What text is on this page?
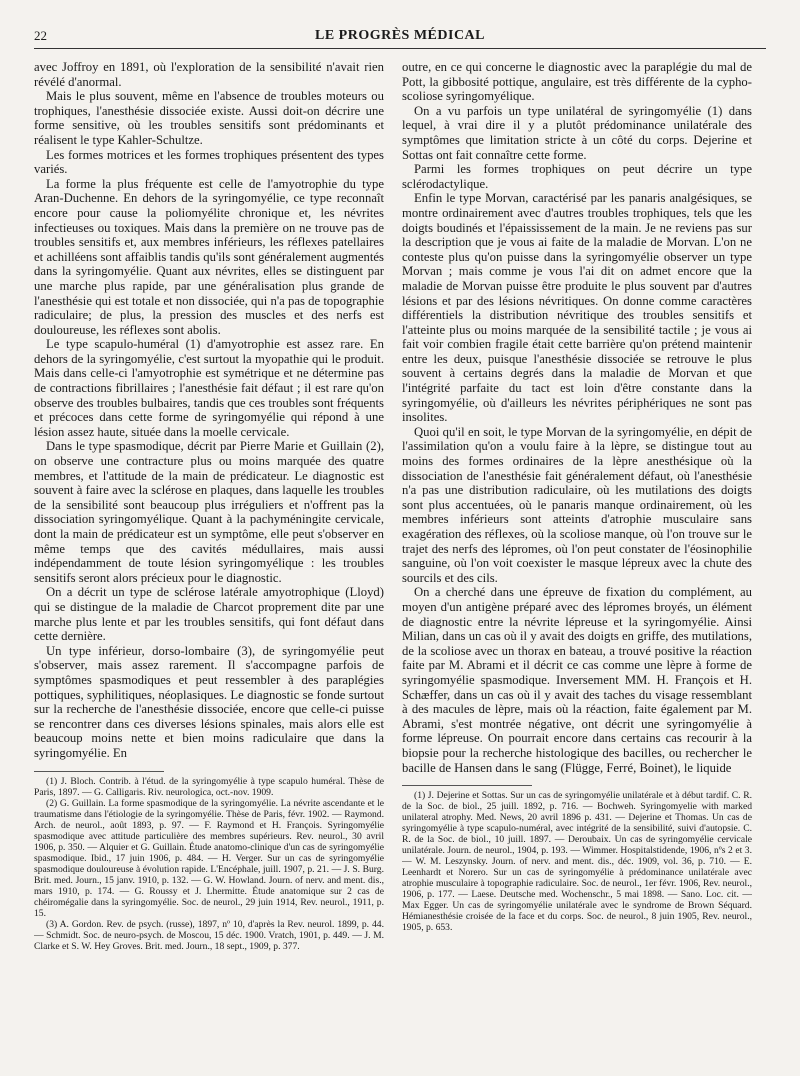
22	LE PROGRÈS MÉDICAL

avec Joffroy en 1891, où l'exploration de la sensibilité n'avait rien révélé d'anormal.

Mais le plus souvent, même en l'absence de troubles moteurs ou trophiques, l'anesthésie dissociée existe. Aussi doit-on décrire une forme sensitive, où les troubles sensitifs sont prédominants et réalisent le type Kahler-Schultze.

Les formes motrices et les formes trophiques présentent des types variés.

La forme la plus fréquente est celle de l'amyotrophie du type Aran-Duchenne. En dehors de la syringomyélie, ce type reconnaît encore pour cause la poliomyélite chronique et, les névrites infectieuses ou toxiques. Mais dans la première on ne trouve pas de troubles sensitifs et, aux membres inférieurs, les réflexes patellaires et achilléens sont affaiblis tandis qu'ils sont généralement augmentés dans la syringomyélie. Quant aux névrites, elles se distinguent par une marche plus rapide, par une généralisation plus grande de l'anesthésie qui est totale et non dissociée, qui n'a pas de topographie radiculaire; de plus, la pression des muscles et des nerfs est douloureuse, les réflexes sont abolis.

Le type scapulo-huméral (1) d'amyotrophie est assez rare. En dehors de la syringomyélie, c'est surtout la myopathie qui le produit. Mais dans celle-ci l'amyotrophie est symétrique et ne détermine pas de contractions fibrillaires ; l'anesthésie fait défaut ; il est rare qu'on observe des troubles bulbaires, tandis que ces troubles sont fréquents et précoces dans cette forme de syringomyélie qui répond à une lésion assez haute, située dans la moelle cervicale.

Dans le type spasmodique, décrit par Pierre Marie et Guillain (2), on observe une contracture plus ou moins marquée des quatre membres, et l'attitude de la main de prédicateur. Le diagnostic est souvent à faire avec la sclérose en plaques, dans laquelle les troubles de la sensibilité sont beaucoup plus irréguliers et n'offrent pas la dissociation syringomyélique. Quant à la pachyméningite cervicale, dont la main de prédicateur est un symptôme, elle peut s'observer en même temps que des cavités médullaires, mais aussi indépendamment de toute lésion syringomyélique : les troubles sensitifs seront alors précieux pour le diagnostic.

On a décrit un type de sclérose latérale amyotrophique (Lloyd) qui se distingue de la maladie de Charcot proprement dite par une marche plus lente et par les troubles sensitifs, qui font défaut dans cette dernière.

Un type inférieur, dorso-lombaire (3), de syringomyélie peut s'observer, mais assez rarement. Il s'accompagne parfois de symptômes spasmodiques et peut ressembler à des paraplégies pottiques, syphilitiques, néoplasiques. Le diagnostic se fonde surtout sur la recherche de l'anesthésie dissociée, encore que celle-ci puisse se rencontrer dans ces diverses lésions spinales, mais alors elle est beaucoup moins nette et bien moins radiculaire que dans la syringomyélie. En

(1) J. Bloch. Contrib. à l'étud. de la syringomyélie à type scapulo huméral. Thèse de Paris, 1897. — G. Calligaris. Riv. neurologica, oct.-nov. 1909.

(2) G. Guillain. La forme spasmodique de la syringomyélie. La névrite ascendante et le traumatisme dans l'étiologie de la syringomyélie. Thèse de Paris, févr. 1902. — Raymond. Arch. de neurol., août 1893, p. 97. — F. Raymond et H. François. Syringomyélie spasmodique avec attitude particulière des membres supérieurs. Rev. neurol., 30 avril 1906, p. 350. — Alquier et G. Guillain. Étude anatomo-clinique d'un cas de syringomyélie spasmodique. Ibid., 17 juin 1906, p. 484. — H. Verger. Sur un cas de syringomyélie spasmodique douloureuse à évolution rapide. L'Encéphale, juill. 1907, p. 21. — J. S. Burg. Brit. med. Journ., 15 janv. 1910, p. 132. — G. W. Howland. Journ. of nerv. and ment. dis., mars 1910, p. 174. — G. Roussy et J. Lhermitte. Étude anatomique sur 2 cas de chéiromégalie dans la syringomyélie. Soc. de neurol., 29 juin 1914, Rev. neurol., 1911, p. 15.

(3) A. Gordon. Rev. de psych. (russe), 1897, nº 10, d'après la Rev. neurol. 1899, p. 44. — Schmidt. Soc. de neuro-psych. de Moscou, 15 déc. 1900. Vratch, 1901, p. 449. — J. M. Clarke et S. W. Hey Groves. Brit. med. Journ., 18 sept., 1909, p. 377.

outre, en ce qui concerne le diagnostic avec la paraplégie du mal de Pott, la gibbosité pottique, angulaire, est très différente de la cypho-scoliose syringomyélique.

On a vu parfois un type unilatéral de syringomyélie (1) dans lequel, à vrai dire il y a plutôt prédominance unilatérale des symptômes que limitation stricte à un côté du corps. Dejerine et Sottas ont fait connaître cette forme.

Parmi les formes trophiques on peut décrire un type sclérodactylique.

Enfin le type Morvan, caractérisé par les panaris analgésiques, se montre ordinairement avec d'autres troubles trophiques, tels que les doigts boudinés et l'épaississement de la main. Je ne reviens pas sur la description que je vous ai faite de la maladie de Morvan. L'on ne conteste plus qu'on puisse dans la syringomyélie observer un type Morvan ; mais comme je vous l'ai dit on admet encore que la maladie de Morvan puisse être produite le plus souvent par d'autres lésions et par des lésions névritiques. On donne comme caractères différentiels la distribution névritique des troubles sensitifs et l'atteinte plus ou moins marquée de la sensibilité tactile ; je vous ai fait voir combien fragile était cette barrière qu'on prétend maintenir entre les deux, puisque l'anesthésie dissociée se retrouve le plus souvent à certains degrés dans la maladie de Morvan et que l'intégrité parfaite du tact est loin d'être constante dans la syringomyélie, où d'ailleurs les névrites périphériques ne sont pas insolites.

Quoi qu'il en soit, le type Morvan de la syringomyélie, en dépit de l'assimilation qu'on a voulu faire à la lèpre, se distingue tout au moins des formes ordinaires de la lèpre anesthésique où la dissociation de l'anesthésie fait généralement défaut, où l'anesthésie n'a pas une distribution radiculaire, où les mutilations des doigts sont plus accentuées, où le panaris manque ordinairement, où les membres inférieurs sont atteints d'atrophie musculaire sans exagération des réflexes, où la scoliose manque, où l'on trouve sur le trajet des nerfs des lépromes, où l'on peut constater de l'éosinophilie sanguine, où l'on voit coexister le masque lépreux avec la chute des sourcils et des cils.

On a cherché dans une épreuve de fixation du complément, au moyen d'un antigène préparé avec des lépromes broyés, un élément de diagnostic entre la névrite lépreuse et la syringomyélie. Ainsi Milian, dans un cas où il y avait des doigts en griffe, des mutilations, de la scoliose avec un thorax en bateau, a trouvé positive la réaction faite par M. Abrami et il décrit ce cas comme une lèpre à forme de syringomyélie spasmodique. Inversement MM. H. François et H. Schæffer, dans un cas où il y avait des taches du visage ressemblant à des macules de lèpre, mais où la réaction, faite également par M. Abrami, s'est montrée négative, ont décrit une syringomyélie à forme lépreuse. On pourrait encore dans certains cas recourir à la biopsie pour la recherche histologique des bacilles, ou rechercher le bacille de Hansen dans le sang (Flügge, Ferré, Boinet), le liquide

(1) J. Dejerine et Sottas. Sur un cas de syringomyélie unilatérale et à début tardif. C. R. de la Soc. de biol., 25 juill. 1892, p. 716. — Bochweh. Syringomyelie with marked unilateral atrophy. Med. News, 20 avril 1896 p. 431. — Dejerine et Thomas. Un cas de syringomyélie à type scapulo-numéral, avec intégrité de la sensibilité, suivi d'autopsie. C. R. de la Soc. de biol., 10 juill. 1897. — Deroubaix. Un cas de syringomyélie cervicale unilatérale. Journ. de neurol., 1904, p. 193. — Wimmer. Hospitalstidende, 1906, nºs 2 et 3. — W. M. Leszynsky. Journ. of nerv. and ment. dis., déc. 1909, vol. 36, p. 710. — E. Leenhardt et Norero. Sur un cas de syringomyélie à prédominance unilatérale avec atrophie musculaire à topographie radiculaire. Soc. de neurol., 1er févr. 1906, Rev. neurol., 1906, p. 177. — Laese. Deutsche med. Wochenschr., 5 mai 1898. — Sano. Loc. cit. — Max Egger. Un cas de syringomyélie unilatérale avec le syndrome de Brown Séquard. Hémianesthésie croisée de la face et du corps. Soc. de neurol., 8 juin 1905, Rev. neurol., 1905, p. 653.
